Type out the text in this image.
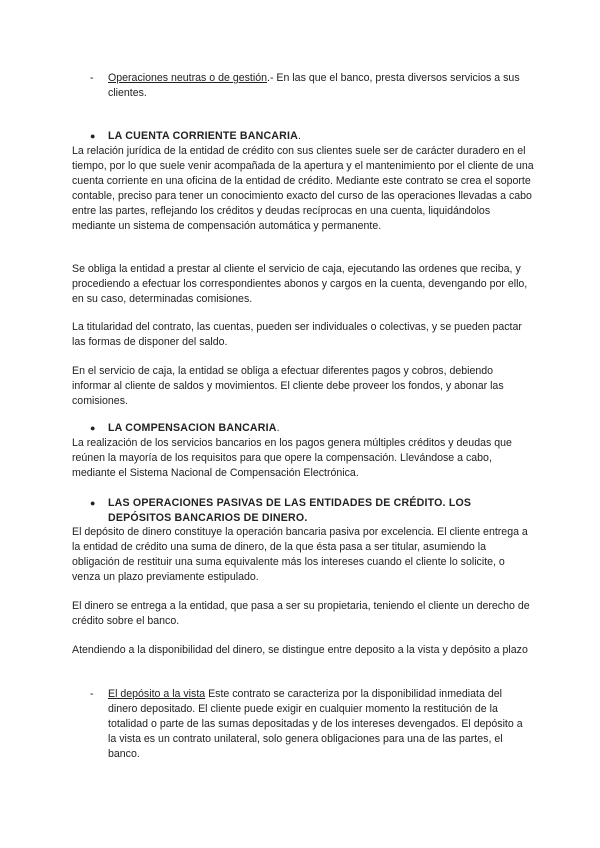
- Operaciones neutras o de gestión.- En las que el banco, presta diversos servicios a sus clientes.
● LA CUENTA CORRIENTE BANCARIA.

La relación jurídica de la entidad de crédito con sus clientes suele ser de carácter duradero en el tiempo, por lo que suele venir acompañada de la apertura y el mantenimiento por el cliente de una cuenta corriente en una oficina de la entidad de crédito. Mediante este contrato se crea el soporte contable, preciso para tener un conocimiento exacto del curso de las operaciones llevadas a cabo entre las partes, reflejando los créditos y deudas recíprocas en una cuenta, liquidándolos mediante un sistema de compensación automática y permanente.

Se obliga la entidad a prestar al cliente el servicio de caja, ejecutando las ordenes que reciba, y procediendo a efectuar los correspondientes abonos y cargos en la cuenta, devengando por ello, en su caso, determinadas comisiones.

La titularidad del contrato, las cuentas, pueden ser individuales o colectivas, y se pueden pactar las formas de disponer del saldo.

En el servicio de caja, la entidad se obliga a efectuar diferentes pagos y cobros, debiendo informar al cliente de saldos y movimientos. El cliente debe proveer los fondos, y abonar las comisiones.

● LA COMPENSACION BANCARIA.

La realización de los servicios bancarios en los pagos genera múltiples créditos y deudas que reúnen la mayoría de los requisitos para que opere la compensación. Llevándose a cabo, mediante el Sistema Nacional de Compensación Electrónica.

● LAS OPERACIONES PASIVAS DE LAS ENTIDADES DE CRÉDITO. LOS DEPÓSITOS BANCARIOS DE DINERO.

El depósito de dinero constituye la operación bancaria pasiva por excelencia. El cliente entrega a la entidad de crédito una suma de dinero, de la que ésta pasa a ser titular, asumiendo la obligación de restituir una suma equivalente más los intereses cuando el cliente lo solicite, o venza un plazo previamente estipulado.

El dinero se entrega a la entidad, que pasa a ser su propietaria, teniendo el cliente un derecho de crédito sobre el banco.

Atendiendo a la disponibilidad del dinero, se distingue entre deposito a la vista y depósito a plazo

- El depósito a la vista Este contrato se caracteriza por la disponibilidad inmediata del dinero depositado. El cliente puede exigir en cualquier momento la restitución de la totalidad o parte de las sumas depositadas y de los intereses devengados. El depósito a la vista es un contrato unilateral, solo genera obligaciones para una de las partes, el banco.
